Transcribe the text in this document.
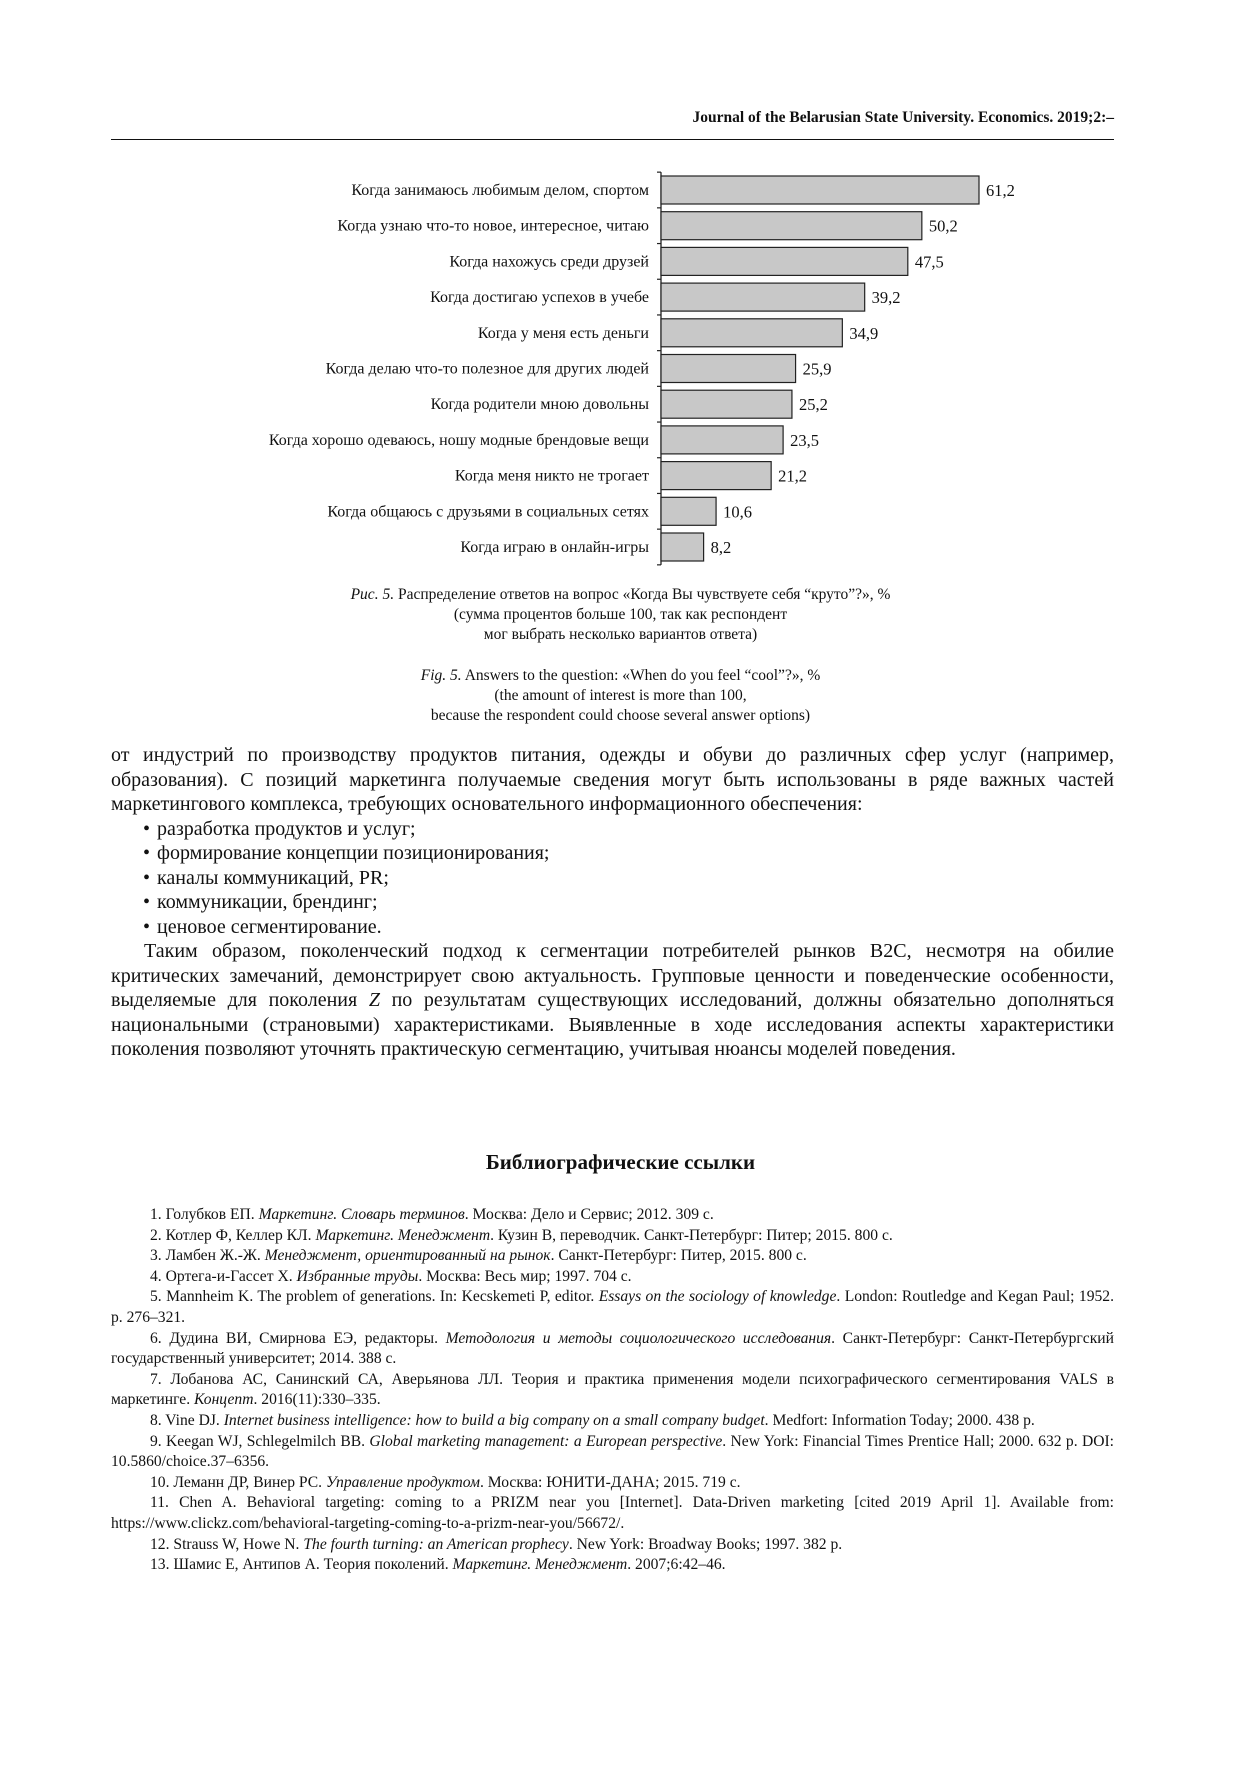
Journal of the Belarusian State University. Economics. 2019;2:–
Когда занимаюсь любимым делом, спортом	61,2
Когда узнаю что-то новое, интересное, читаю	50,2
Когда нахожусь среди друзей	47,5
Когда достигаю успехов в учебе	39,2
Когда у меня есть деньги	34,9
Когда делаю что-то полезное для других людей	25,9
Когда родители мною довольны	25,2
Когда хорошо одеваюсь, ношу модные брендовые вещи	23,5
Когда меня никто не трогает	21,2
Когда общаюсь с друзьями в социальных сетях	10,6
Когда играю в онлайн-игры	8,2
Рис. 5. Распределение ответов на вопрос «Когда Вы чувствуете себя “круто”?», %
(сумма процентов больше 100, так как респондент
мог выбрать несколько вариантов ответа)
Fig. 5. Answers to the question: «When do you feel “cool”?», %
(the amount of interest is more than 100,
because the respondent could choose several answer options)

от индустрий по производству продуктов питания, одежды и обуви до различных сфер услуг (например, образования). С позиций маркетинга получаемые сведения могут быть использованы в ряде важных частей маркетингового комплекса, требующих основательного информационного обеспечения:

• разработка продуктов и услуг;
• формирование концепции позиционирования;
• каналы коммуникаций, PR;
• коммуникации, брендинг;
• ценовое сегментирование.

Таким образом, поколенческий подход к сегментации потребителей рынков B2C, несмотря на обилие критических замечаний, демонстрирует свою актуальность. Групповые ценности и поведенческие особенности, выделяемые для поколения Z по результатам существующих исследований, должны обязательно дополняться национальными (страновыми) характеристиками. Выявленные в ходе исследования аспекты характеристики поколения позволяют уточнять практическую сегментацию, учитывая нюансы моделей поведения.

Библиографические ссылки
1. Голубков ЕП. Маркетинг. Словарь терминов. Москва: Дело и Сервис; 2012. 309 с.
2. Котлер Ф, Келлер КЛ. Маркетинг. Менеджмент. Кузин В, переводчик. Санкт-Петербург: Питер; 2015. 800 с.
3. Ламбен Ж.-Ж. Менеджмент, ориентированный на рынок. Санкт-Петербург: Питер, 2015. 800 с.
4. Ортега-и-Гассет Х. Избранные труды. Москва: Весь мир; 1997. 704 с.
5. Mannheim K. The problem of generations. In: Kecskemeti P, editor. Essays on the sociology of knowledge. London: Routledge and Kegan Paul; 1952. p. 276–321.
6. Дудина ВИ, Смирнова ЕЭ, редакторы. Методология и методы социологического исследования. Санкт-Петербург: Санкт-Петербургский государственный университет; 2014. 388 с.
7. Лобанова АС, Санинский СА, Аверьянова ЛЛ. Теория и практика применения модели психографического сегментирования VALS в маркетинге. Концепт. 2016(11):330–335.
8. Vine DJ. Internet business intelligence: how to build a big company on a small company budget. Medfort: Information Today; 2000. 438 p.
9. Keegan WJ, Schlegelmilch BB. Global marketing management: a European perspective. New York: Financial Times Prentice Hall; 2000. 632 p. DOI: 10.5860/choice.37–6356.
10. Леманн ДР, Винер РС. Управление продуктом. Москва: ЮНИТИ-ДАНА; 2015. 719 с.
11. Chen A. Behavioral targeting: coming to a PRIZM near you [Internet]. Data-Driven marketing [cited 2019 April 1]. Available from: https://www.clickz.com/behavioral-targeting-coming-to-a-prizm-near-you/56672/.
12. Strauss W, Howe N. The fourth turning: an American prophecy. New York: Broadway Books; 1997. 382 p.
13. Шамис Е, Антипов А. Теория поколений. Маркетинг. Менеджмент. 2007;6:42–46.
